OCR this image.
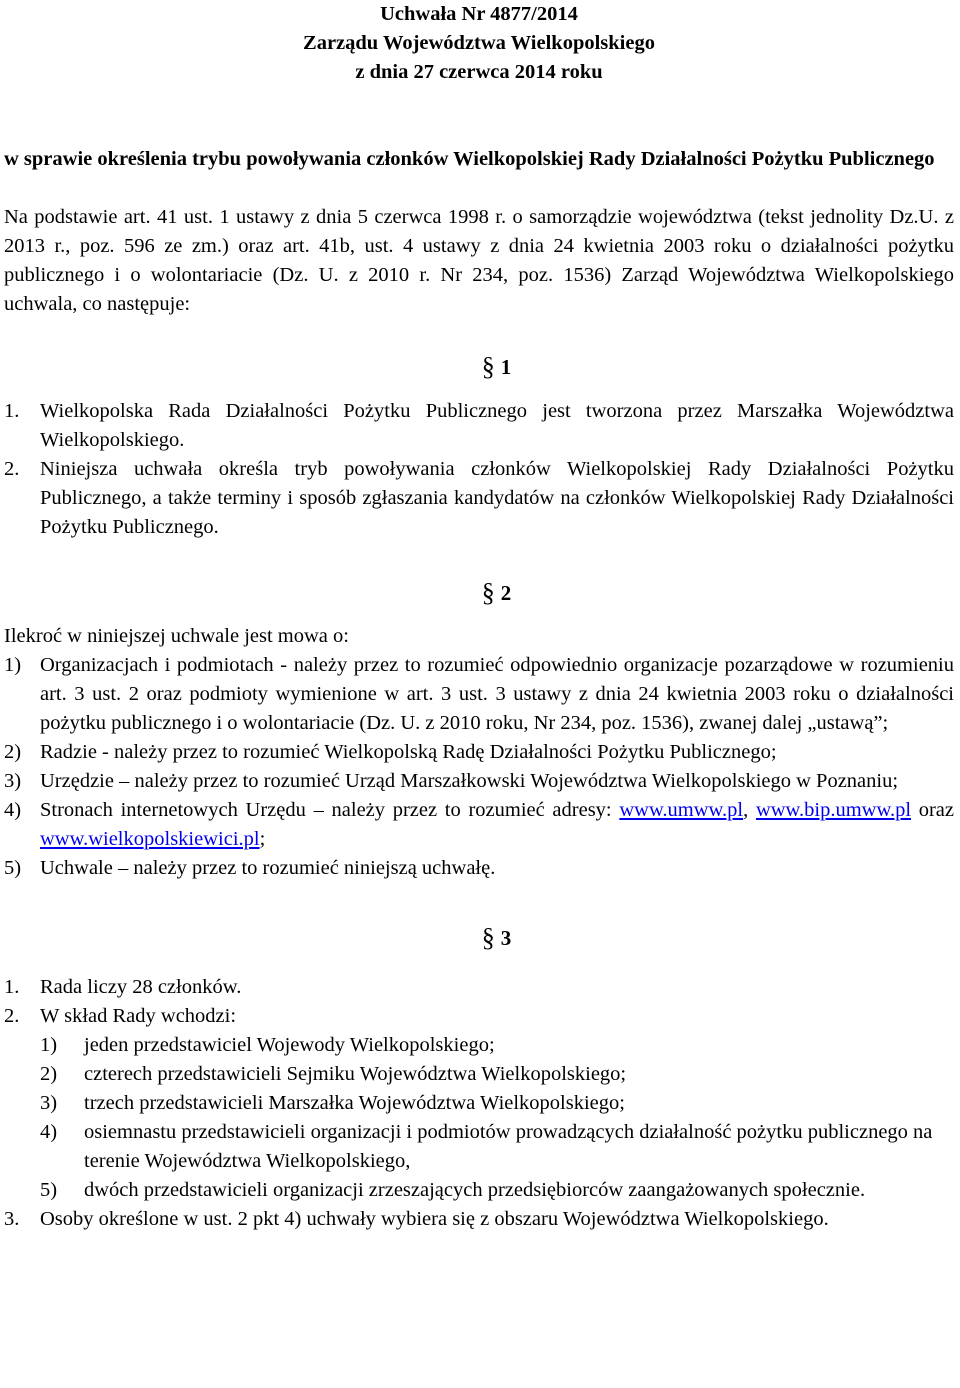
Uchwała Nr 4877/2014
Zarządu Województwa Wielkopolskiego
z dnia 27 czerwca 2014 roku

w sprawie określenia trybu powoływania członków Wielkopolskiej Rady Działalności Pożytku Publicznego

Na podstawie art. 41 ust. 1 ustawy z dnia 5 czerwca 1998 r. o samorządzie województwa (tekst jednolity Dz.U. z 2013 r., poz. 596 ze zm.) oraz art. 41b, ust. 4 ustawy z dnia 24 kwietnia 2003 roku o działalności pożytku publicznego i o wolontariacie (Dz. U. z 2010 r. Nr 234, poz. 1536) Zarząd Województwa Wielkopolskiego uchwala, co następuje:

§ 1
1.	Wielkopolska Rada Działalności Pożytku Publicznego jest tworzona przez Marszałka Województwa Wielkopolskiego.
2.	Niniejsza uchwała określa tryb powoływania członków Wielkopolskiej Rady Działalności Pożytku Publicznego, a także terminy i sposób zgłaszania kandydatów na członków Wielkopolskiej Rady Działalności Pożytku Publicznego.
§ 2

Ilekroć w niniejszej uchwale jest mowa o:

1) Organizacjach i podmiotach - należy przez to rozumieć odpowiednio organizacje pozarządowe w rozumieniu art. 3 ust. 2 oraz podmioty wymienione w art. 3 ust. 3 ustawy z dnia 24 kwietnia 2003 roku o działalności pożytku publicznego i o wolontariacie (Dz. U. z 2010 roku, Nr 234, poz. 1536), zwanej dalej „ustawą”;
2) Radzie - należy przez to rozumieć Wielkopolską Radę Działalności Pożytku Publicznego;
3) Urzędzie – należy przez to rozumieć Urząd Marszałkowski Województwa Wielkopolskiego w Poznaniu;
4) Stronach internetowych Urzędu – należy przez to rozumieć adresy: www.umww.pl, www.bip.umww.pl oraz www.wielkopolskiewici.pl;
5) Uchwale – należy przez to rozumieć niniejszą uchwałę.
§ 3
1.	Rada liczy 28 członków.
2.	W skład Rady wchodzi:
1)	jeden przedstawiciel Wojewody Wielkopolskiego;
2)	czterech przedstawicieli Sejmiku Województwa Wielkopolskiego;
3)	trzech przedstawicieli Marszałka Województwa Wielkopolskiego;
4)	osiemnastu przedstawicieli organizacji i podmiotów prowadzących działalność pożytku publicznego na terenie Województwa Wielkopolskiego,
5)	dwóch przedstawicieli organizacji zrzeszających przedsiębiorców zaangażowanych społecznie.
3.	Osoby określone w ust. 2 pkt 4) uchwały wybiera się z obszaru Województwa Wielkopolskiego.
